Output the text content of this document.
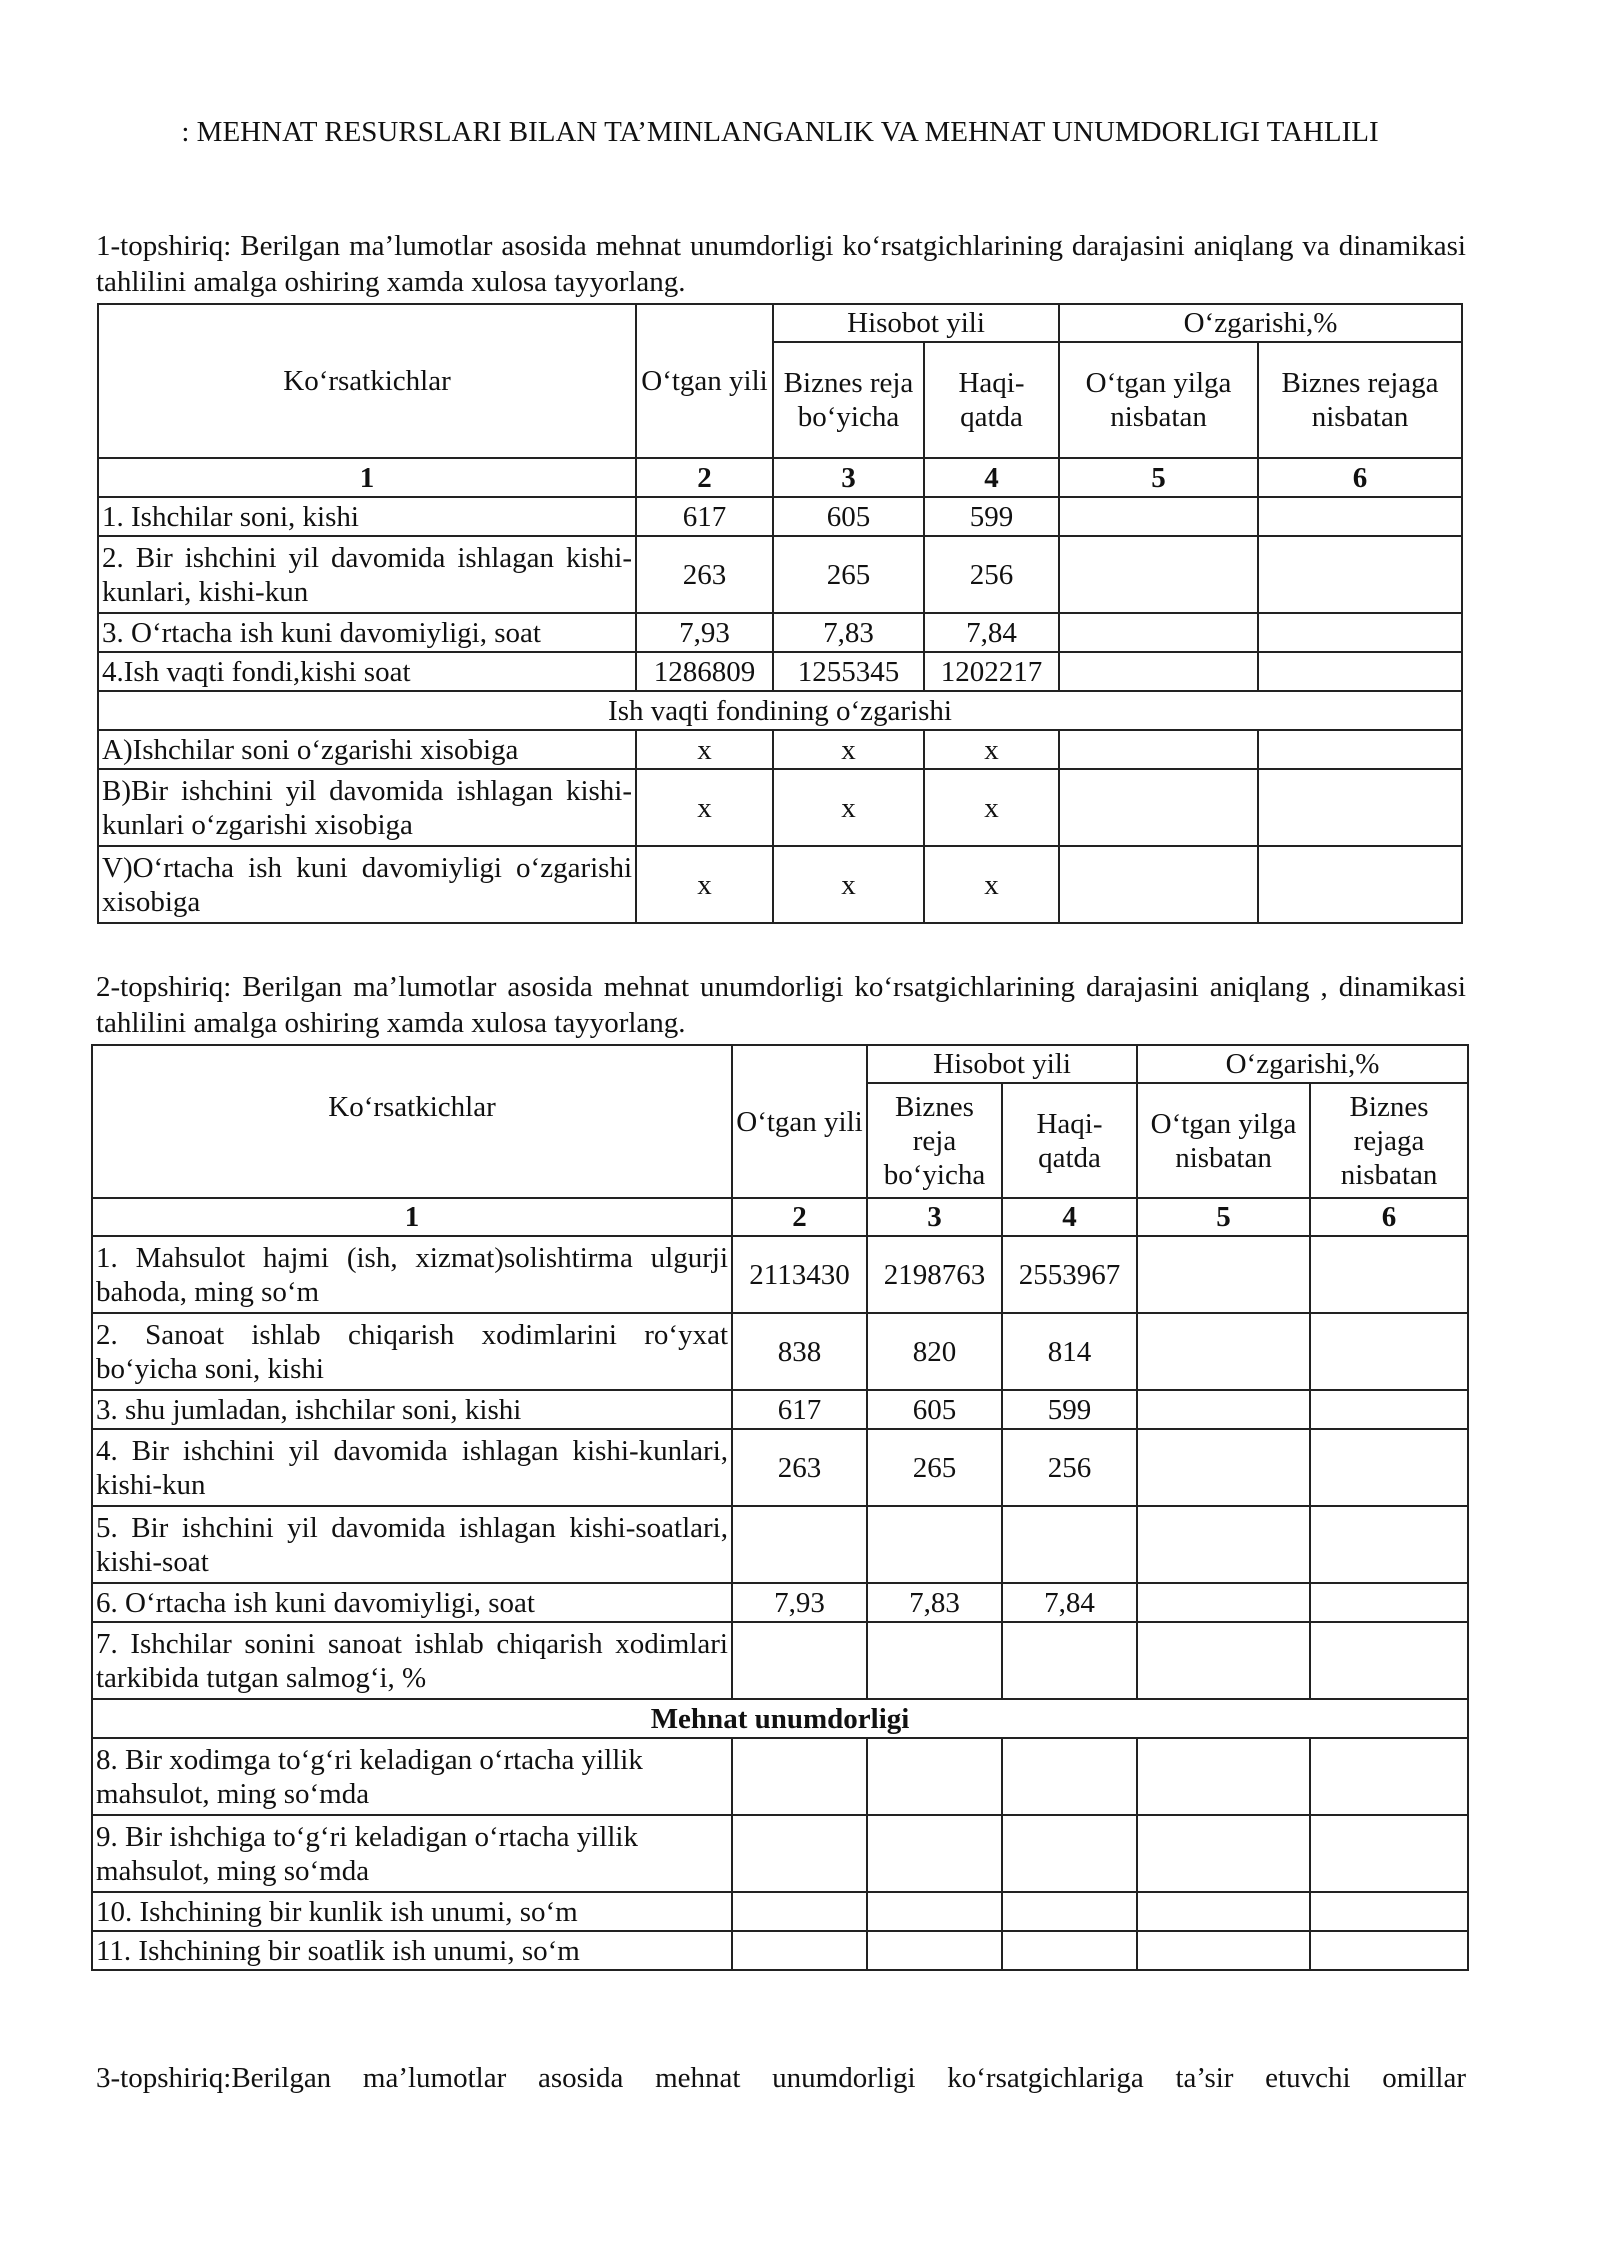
: MEHNAT RESURSLARI BILAN TA’MINLANGANLIK VA MEHNAT UNUMDORLIGI TAHLILI
1-topshiriq: Berilgan ma’lumotlar asosida mehnat unumdorligi koʻrsatgichlarining darajasini aniqlang va dinamikasi tahlilini amalga oshiring xamda xulosa tayyorlang.
Koʻrsatkichlar	Oʻtgan yili	Hisobot yili		Oʻzgarishi,%	
		Biznes reja boʻyicha	Haqi-qatda	Oʻtgan yilga nisbatan	Biznes rejaga nisbatan
1	2	3	4	5	6
1. Ishchilar soni, kishi	617	605	599		
2. Bir ishchini yil davomida ishlagan kishi-kunlari, kishi-kun	263	265	256		
3. Oʻrtacha ish kuni davomiyligi, soat	7,93	7,83	7,84		
4.Ish vaqti fondi,kishi soat	1286809	1255345	1202217		
Ish vaqti fondining oʻzgarishi					
A)Ishchilar soni oʻzgarishi xisobiga	x	x	x		
B)Bir ishchini yil davomida ishlagan kishi-kunlari oʻzgarishi xisobiga	x	x	x		
V)Oʻrtacha ish kuni davomiyligi oʻzgarishi xisobiga	x	x	x		
2-topshiriq: Berilgan ma’lumotlar asosida mehnat unumdorligi koʻrsatgichlarining darajasini aniqlang , dinamikasi tahlilini amalga oshiring xamda xulosa tayyorlang.
Koʻrsatkichlar	Oʻtgan yili	Hisobot yili		Oʻzgarishi,%	
		Biznes reja boʻyicha	Haqi-qatda	Oʻtgan yilga nisbatan	Biznes rejaga nisbatan
1	2	3	4	5	6
1. Mahsulot hajmi (ish, xizmat)solishtirma ulgurji bahoda, ming soʻm	2113430	2198763	2553967		
2. Sanoat ishlab chiqarish xodimlarini roʻyxat boʻyicha soni, kishi	838	820	814		
3. shu jumladan, ishchilar soni, kishi	617	605	599		
4. Bir ishchini yil davomida ishlagan kishi-kunlari, kishi-kun	263	265	256		
5. Bir ishchini yil davomida ishlagan kishi-soatlari, kishi-soat					
6. Oʻrtacha ish kuni davomiyligi, soat	7,93	7,83	7,84		
7. Ishchilar sonini sanoat ishlab chiqarish xodimlari tarkibida tutgan salmogʻi, %					
Mehnat unumdorligi					
8. Bir xodimga toʻgʻri keladigan oʻrtacha yillik mahsulot, ming soʻmda					
9. Bir ishchiga toʻgʻri keladigan oʻrtacha yillik mahsulot, ming soʻmda					
10. Ishchining bir kunlik ish unumi, soʻm					
11. Ishchining bir soatlik ish unumi, soʻm					
3-topshiriq:Berilgan ma’lumotlar asosida mehnat unumdorligi koʻrsatgichlariga ta’sir etuvchi omillar
